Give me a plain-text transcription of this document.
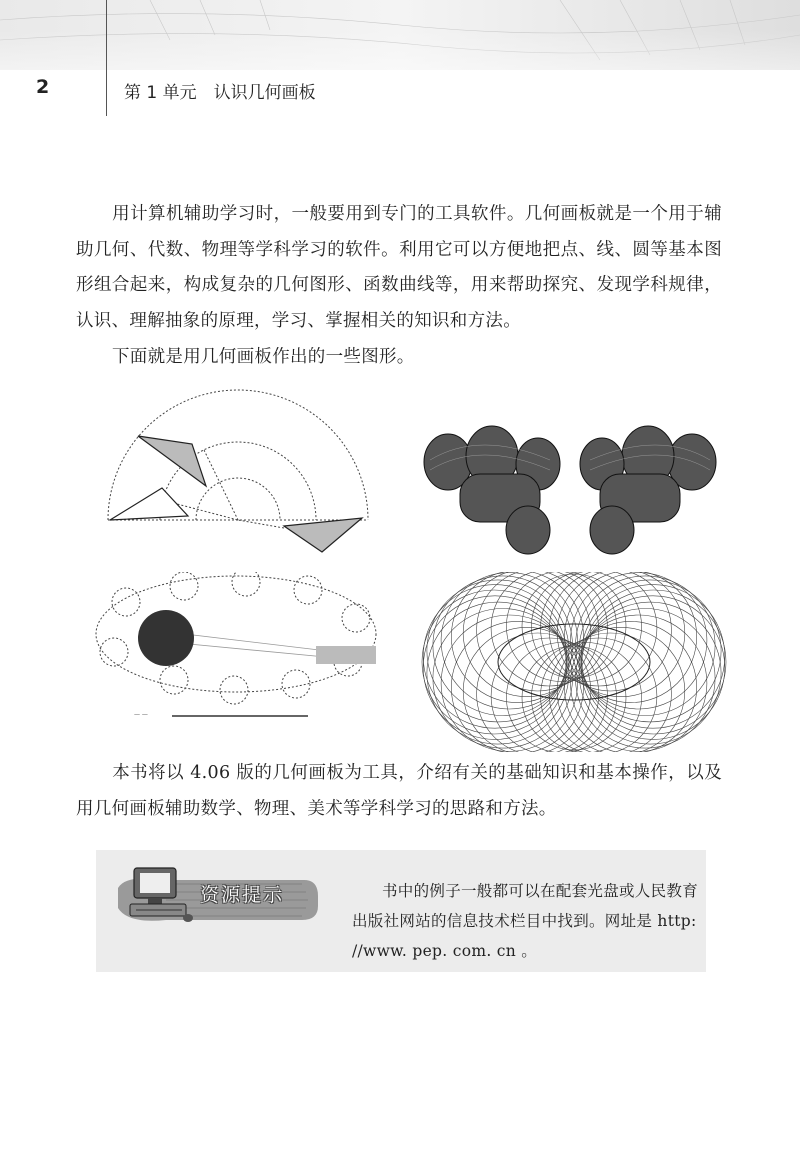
2	第 1 单元　认识几何画板

用计算机辅助学习时，一般要用到专门的工具软件。几何画板就是一个用于辅助几何、代数、物理等学科学习的软件。利用它可以方便地把点、线、圆等基本图形组合起来，构成复杂的几何图形、函数曲线等，用来帮助探究、发现学科规律，认识、理解抽象的原理，学习、掌握相关的知识和方法。

下面就是用几何画板作出的一些图形。

— —

本书将以 4.06 版的几何画板为工具，介绍有关的基础知识和基本操作，以及用几何画板辅助数学、物理、美术等学科学习的思路和方法。

资源提示	书中的例子一般都可以在配套光盘或人民教育出版社网站的信息技术栏目中找到。网址是 http: //www. pep. com. cn 。
